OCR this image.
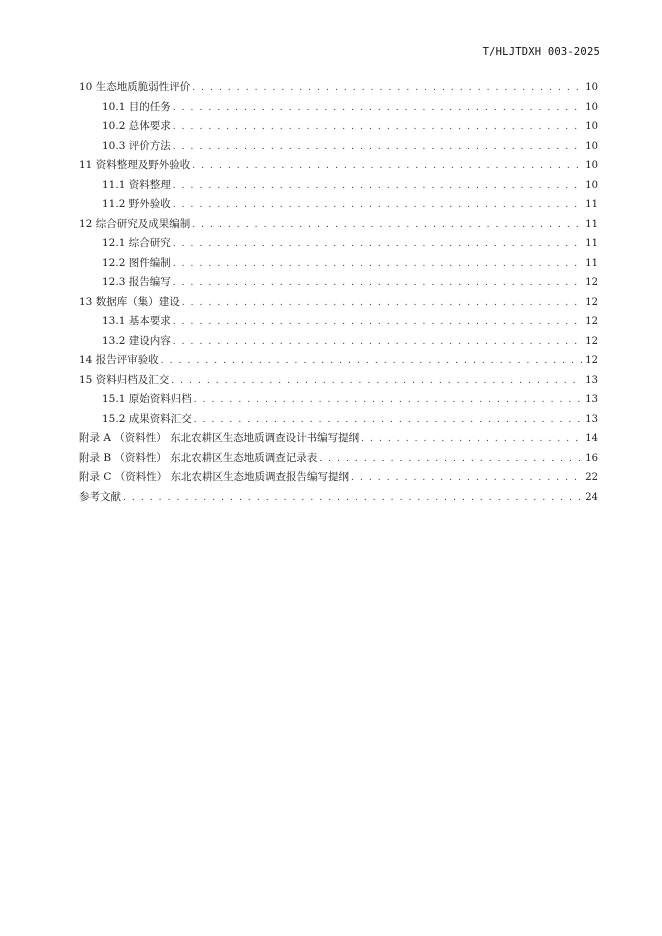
T/HLJTDXH 003-2025
10 生态地质脆弱性评价 . . .	10
10.1 目的任务 . . .	10
10.2 总体要求 . . .	10
10.3 评价方法 . . .	10
11 资料整理及野外验收 . . .	10
11.1 资料整理 . . .	10
11.2 野外验收 . . .	11
12 综合研究及成果编制 . . .	11
12.1 综合研究 . . .	11
12.2 图件编制 . . .	11
12.3 报告编写 . . .	12
13 数据库（集）建设 . . .	12
13.1 基本要求 . . .	12
13.2 建设内容 . . .	12
14 报告评审验收 . . .	12
15 资料归档及汇交 . . .	13
15.1 原始资料归档 . . .	13
15.2 成果资料汇交 . . .	13
附录 A （资料性） 东北农耕区生态地质调查设计书编写提纲 . . .	14
附录 B （资料性） 东北农耕区生态地质调查记录表 . . .	16
附录 C （资料性） 东北农耕区生态地质调查报告编写提纲 . . .	22
参考文献 . . .	24
